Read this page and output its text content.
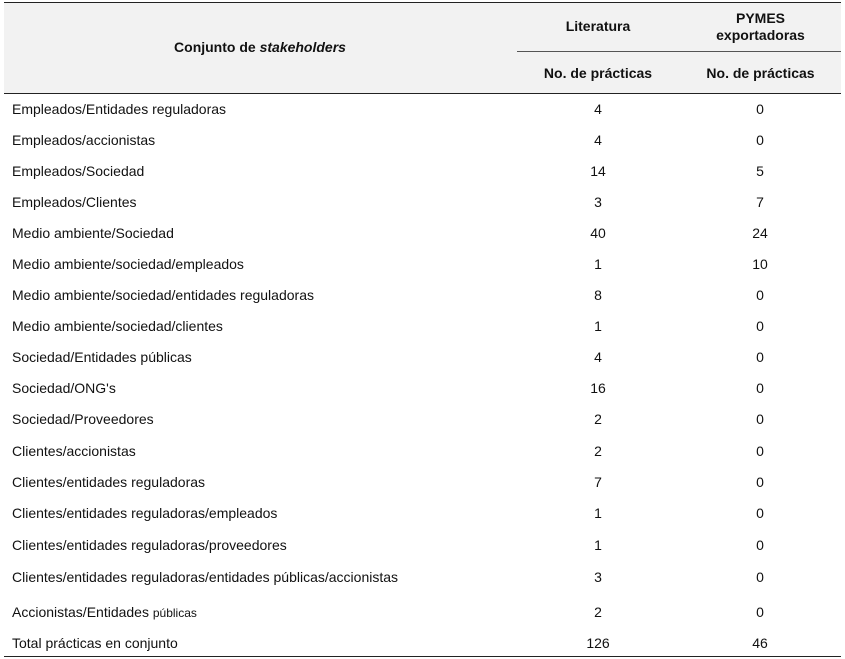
Conjunto de
stakeholders
Literatura	PYMES
exportadoras
No. de prácticas	No. de prácticas
Empleados/Entidades reguladoras	4	0
Empleados/accionistas	4	0
Empleados/Sociedad	14	5
Empleados/Clientes	3	7
Medio ambiente/Sociedad	40	24
Medio ambiente/sociedad/empleados	1	10
Medio ambiente/sociedad/entidades reguladoras	8	0
Medio ambiente/sociedad/clientes	1	0
Sociedad/Entidades públicas	4	0
Sociedad/ONG's	16	0
Sociedad/Proveedores	2	0
Clientes/accionistas	2	0
Clientes/entidades reguladoras	7	0
Clientes/entidades reguladoras/empleados	1	0
Clientes/entidades reguladoras/proveedores	1	0
Clientes/entidades reguladoras/entidades públicas/accionistas	3	0
Accionistas/Entidades públicas	2	0
Total prácticas en conjunto	126	46
